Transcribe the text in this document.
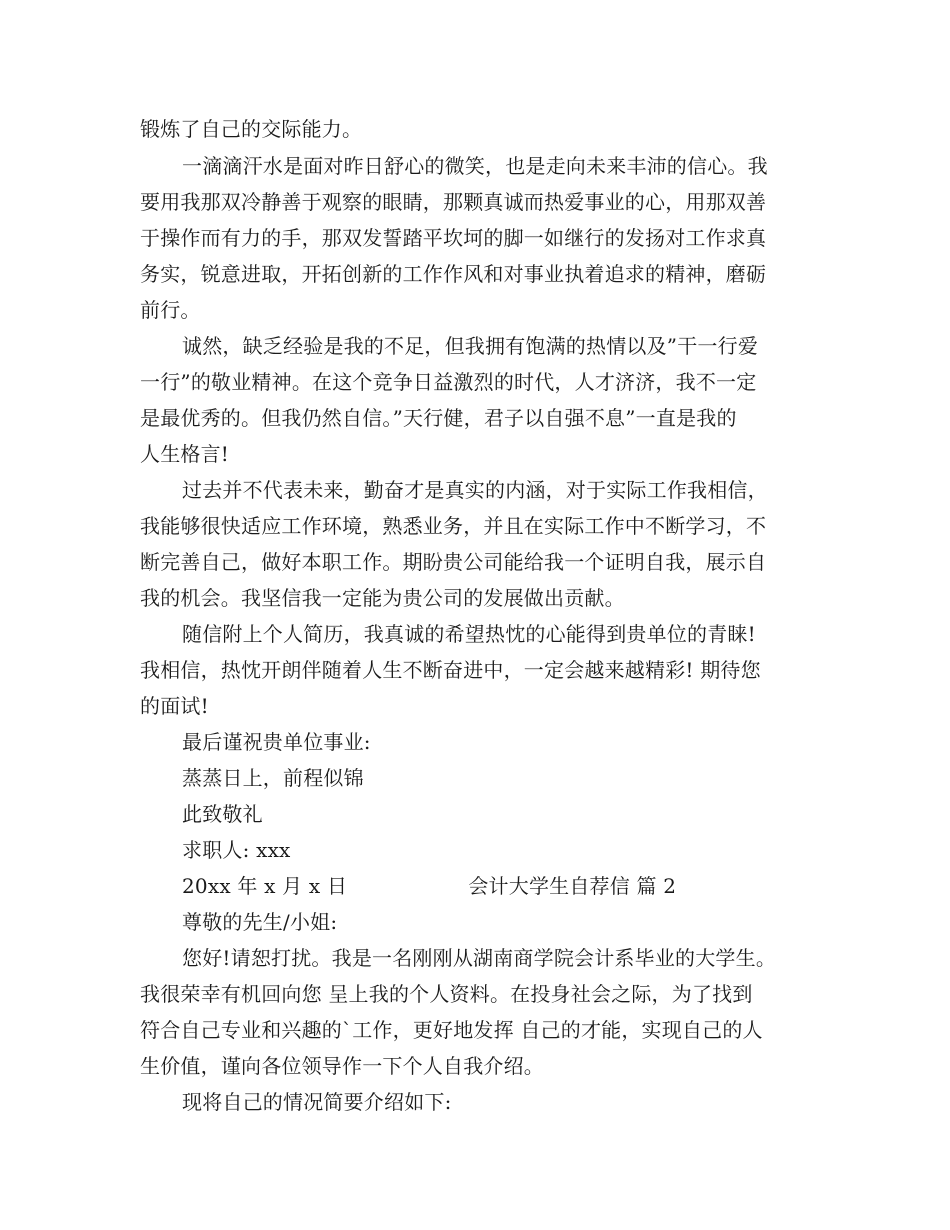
锻炼了自己的交际能力。
一滴滴汗水是面对昨日舒心的微笑，也是走向未来丰沛的信心。我
要用我那双冷静善于观察的眼睛，那颗真诚而热爱事业的心，用那双善
于操作而有力的手，那双发誓踏平坎坷的脚一如继行的发扬对工作求真
务实，锐意进取，开拓创新的工作作风和对事业执着追求的精神，磨砺
前行。
诚然，缺乏经验是我的不足，但我拥有饱满的热情以及”干一行爱
一行”的敬业精神。在这个竞争日益激烈的时代，人才济济，我不一定
是最优秀的。但我仍然自信。”天行健，君子以自强不息”一直是我的
人生格言!
过去并不代表未来，勤奋才是真实的内涵，对于实际工作我相信，
我能够很快适应工作环境，熟悉业务，并且在实际工作中不断学习，不
断完善自己，做好本职工作。期盼贵公司能给我一个证明自我，展示自
我的机会。我坚信我一定能为贵公司的发展做出贡献。
随信附上个人简历，我真诚的希望热忱的心能得到贵单位的青睐!
我相信，热忱开朗伴随着人生不断奋进中，一定会越来越精彩! 期待您
的面试!
最后谨祝贵单位事业:
蒸蒸日上，前程似锦
此致敬礼
求职人: xxx
20xx 年 x 月 x 日　　　　　　会计大学生自荐信 篇 2
尊敬的先生/小姐:
您好!请恕打扰。我是一名刚刚从湖南商学院会计系毕业的大学生。
我很荣幸有机回向您 呈上我的个人资料。在投身社会之际，为了找到
符合自己专业和兴趣的`工作，更好地发挥 自己的才能，实现自己的人
生价值，谨向各位领导作一下个人自我介绍。
现将自己的情况简要介绍如下:
